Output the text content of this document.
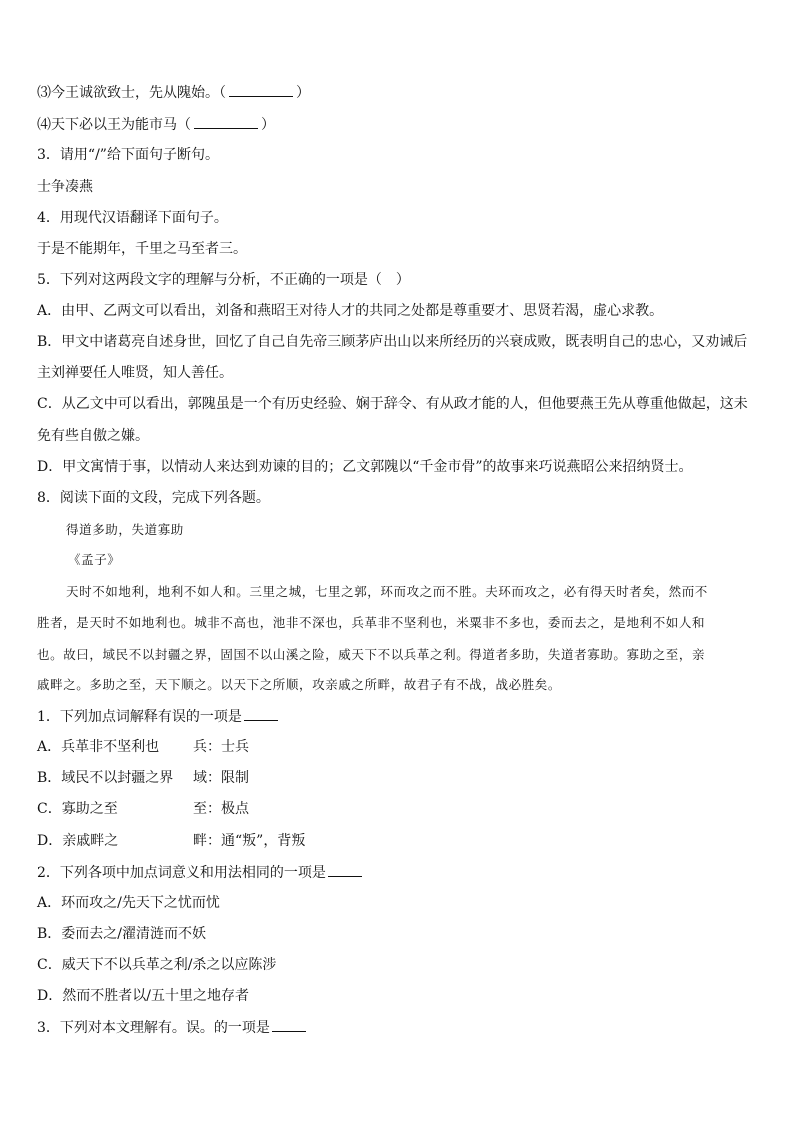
⑶今王诚欲致士，先从隗始。（	）
⑷天下必以王为能市马（	）
3．请用“/”给下面句子断句。
士争凑燕
4．用现代汉语翻译下面句子。
于是不能期年，千里之马至者三。
5．下列对这两段文字的理解与分析，不正确的一项是（　）
A．由甲、乙两文可以看出，刘备和燕昭王对待人才的共同之处都是尊重要才、思贤若渴，虚心求教。
B．甲文中诸葛亮自述身世，回忆了自己自先帝三顾茅庐出山以来所经历的兴衰成败，既表明自己的忠心，又劝诫后
主刘禅要任人唯贤，知人善任。
C．从乙文中可以看出，郭隗虽是一个有历史经验、娴于辞令、有从政才能的人，但他要燕王先从尊重他做起，这未
免有些自傲之嫌。
D．甲文寓情于事，以情动人来达到劝谏的目的；乙文郭隗以“千金市骨”的故事来巧说燕昭公来招纳贤士。
8．阅读下面的文段，完成下列各题。
得道多助，失道寡助
《孟子》
天时不如地利，地利不如人和。三里之城，七里之郭，环而攻之而不胜。夫环而攻之，必有得天时者矣，然而不
胜者，是天时不如地利也。城非不高也，池非不深也，兵革非不坚利也，米粟非不多也，委而去之，是地利不如人和
也。故曰，域民不以封疆之界，固国不以山溪之险，威天下不以兵革之利。得道者多助，失道者寡助。寡助之至，亲
戚畔之。多助之至，天下顺之。以天下之所顺，攻亲戚之所畔，故君子有不战，战必胜矣。
1．下列加点词解释有误的一项是
A．兵革非不坚利也 兵：士兵
B．域民不以封疆之界 域：限制
C．寡助之至	至：极点
D．亲戚畔之	畔：通“叛”，背叛
2．下列各项中加点词意义和用法相同的一项是
A．环而攻之/先天下之忧而忧
B．委而去之/濯清涟而不妖
C．威天下不以兵革之利/杀之以应陈涉
D．然而不胜者以/五十里之地存者
3．下列对本文理解有。误。的一项是
